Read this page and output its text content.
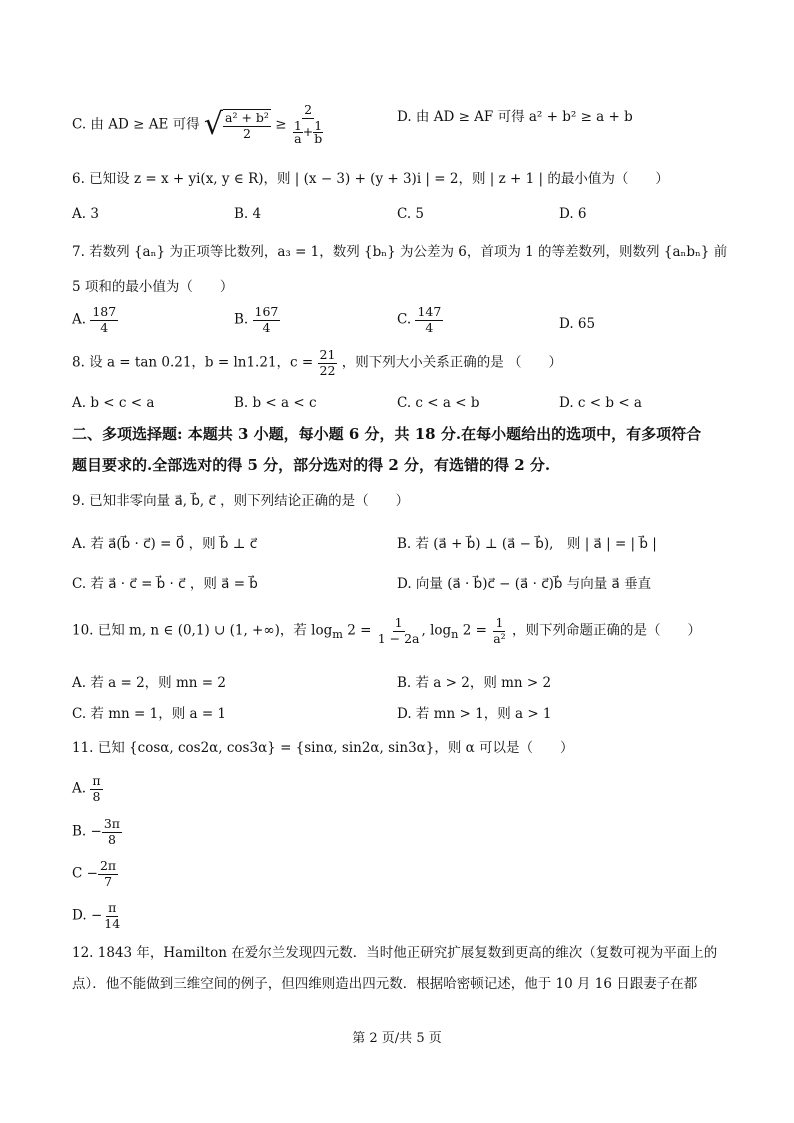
C. 由 AD ≥ AE 可得 √ $\frac{\text{a² + b²}}{2}$ ≥
2
$\frac{1}{a} + \frac{1}{b}$
D. 由 AD ≥ AF 可得 a² + b² ≥ a + b
6. 已知设 z = x + yi(x, y ∈ R)，则 | (x − 3) + (y + 3)i | = 2，则 | z + 1 | 的最小值为（　　）
A. 3	B. 4	C. 5	D. 6
7. 若数列 {aₙ} 为正项等比数列，a₃ = 1，数列 {bₙ} 为公差为 6，首项为 1 的等差数列，则数列 {aₙbₙ} 前
5 项和的最小值为（　　）
A. $\frac{187}{4}$	B. $\frac{167}{4}$	C. $\frac{147}{4}$	D. 65
8. 设 a = tan 0.21，b = ln1.21，$c = \frac{21}{22}$ ，则下列大小关系正确的是 （　　）
A. b < c < a	B. b < a < c	C. c < a < b	D. c < b < a
二、多项选择题: 本题共 3 小题，每小题 6 分，共 18 分.在每小题给出的选项中，有多项符合
题目要求的.全部选对的得 5 分，部分选对的得 2 分，有选错的得 2 分.
9. 已知非零向量 a⃗, b⃗, c⃗ ，则下列结论正确的是（　　）
A. 若 a⃗(b⃗ · c⃗) = 0⃗ ，则 b⃗ ⊥ c⃗	B. 若 (a⃗ + b⃗) ⊥ (a⃗ − b⃗),　则 | a⃗ | = | b⃗ |
C. 若 a⃗ · c⃗ = b⃗ · c⃗ ，则 a⃗ = b⃗	D. 向量 (a⃗ · b⃗)c⃗ − (a⃗ · c⃗)b⃗ 与向量 a⃗ 垂直
10. 已知 m, n ∈ (0,1) ∪ (1, +∞)，若 $\log_m 2 = \frac{1}{1 - 2a}$ , $\log_n 2 = \frac{1}{\text{a²}}$ ，则下列命题正确的是（　　）
A. 若 a = 2，则 mn = 2	B. 若 a > 2，则 mn > 2
C. 若 mn = 1，则 a = 1	D. 若 mn > 1，则 a > 1
11. 已知 {cosα, cos2α, cos3α} = {sinα, sin2α, sin3α}，则 α 可以是（　　）
A. $\frac{\pi}{8}$
B. − $\frac{3\pi}{8}$
$C - \frac{2\pi}{7}$
D. − $\frac{\pi}{14}$
12. 1843 年，Hamilton 在爱尔兰发现四元数．当时他正研究扩展复数到更高的维次（复数可视为平面上的
点）．他不能做到三维空间的例子，但四维则造出四元数．根据哈密顿记述，他于 10 月 16 日跟妻子在都
第 2 页/共 5 页
